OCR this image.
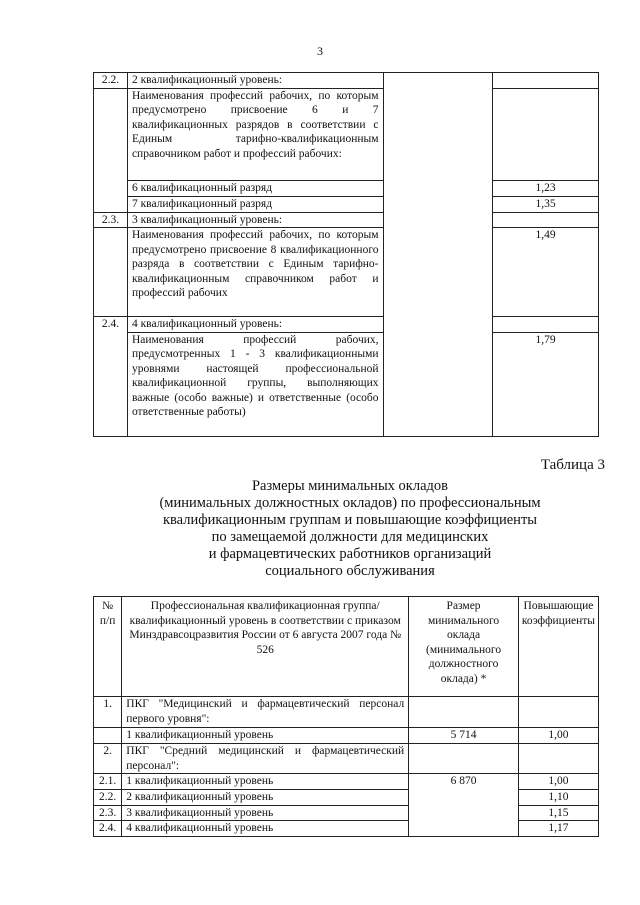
3
2.2.	2 квалификационный уровень:		
	Наименования профессий рабочих, по которым предусмотрено присвоение 6 и 7 квалификационных разрядов в соответствии с Единым тарифно-квалификационным справочником работ и профессий рабочих:		
	6 квалификационный разряд		1,23
	7 квалификационный разряд		1,35
2.3.	3 квалификационный уровень:		
	Наименования профессий рабочих, по которым предусмотрено присвоение 8 квалификационного разряда в соответствии с Единым тарифно-квалификационным справочником работ и профессий рабочих		1,49
2.4.	4 квалификационный уровень:		
	Наименования профессий рабочих, предусмотренных 1 - 3 квалификационными уровнями настоящей профессиональной квалификационной группы, выполняющих важные (особо важные) и ответственные (особо ответственные работы)		1,79
Таблица 3
Размеры минимальных окладов
(минимальных должностных окладов) по профессиональным
квалификационным группам и повышающие коэффициенты
по замещаемой должности для медицинских
и фармацевтических работников организаций
социального обслуживания
№ п/п	Профессиональная квалификационная группа/квалификационный уровень в соответствии с приказом Минздравсоцразвития России от 6 августа 2007 года № 526	Размер минимального оклада (минимального должностного оклада) *	Повышающие коэффициенты
1.	ПКГ "Медицинский и фармацевтический персонал первого уровня":		
	1 квалификационный уровень	5 714	1,00
2.	ПКГ "Средний медицинский и фармацевтический персонал":		
2.1.	1 квалификационный уровень	6 870	1,00
2.2.	2 квалификационный уровень		1,10
2.3.	3 квалификационный уровень		1,15
2.4.	4 квалификационный уровень		1,17
